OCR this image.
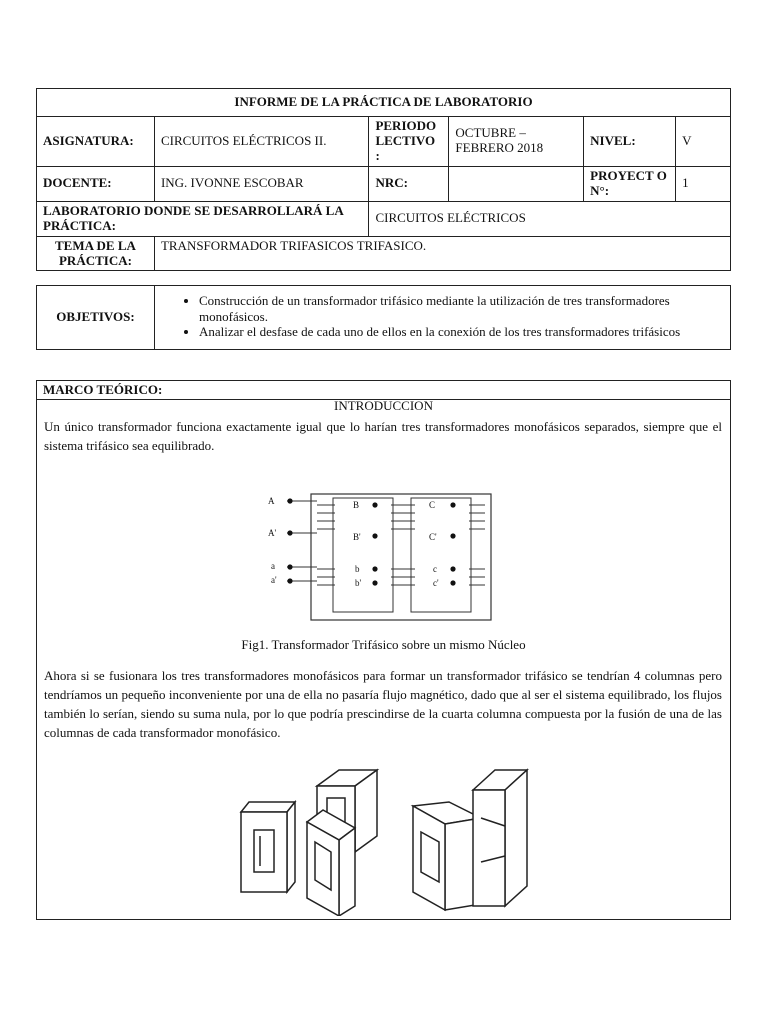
INFORME DE LA PRÁCTICA DE LABORATORIO					
ASIGNATURA:	CIRCUITOS ELÉCTRICOS II.	PERIODO LECTIVO :	OCTUBRE – FEBRERO 2018	NIVEL:	V
DOCENTE:	ING. IVONNE ESCOBAR	NRC:		PROYECT O N°:	1
LABORATORIO DONDE SE DESARROLLARÁ LA PRÁCTICA:		CIRCUITOS ELÉCTRICOS			
TEMA DE LA PRÁCTICA:	TRANSFORMADOR TRIFASICOS TRIFASICO.				
OBJETIVOS:	
• Construcción de un transformador trifásico mediante la utilización de tres transformadores monofásicos.
• Analizar el desfase de cada uno de ellos en la conexión de los tres transformadores trifásicos
MARCO TEÓRICO:
INTRODUCCION
Un único transformador funciona exactamente igual que lo harían tres transformadores monofásicos separados, siempre que el sistema trifásico sea equilibrado.
A
A'
a
a'
B
B'
b
b'
C
C'
c
c'
Fig1. Transformador Trifásico sobre un mismo Núcleo
Ahora si se fusionara los tres transformadores monofásicos para formar un transformador trifásico se tendrían 4 columnas pero tendríamos un pequeño inconveniente por una de ella no pasaría flujo magnético, dado que al ser el sistema equilibrado, los flujos también lo serían, siendo su suma nula, por lo que podría prescindirse de la cuarta columna compuesta por la fusión de una de las columnas de cada transformador monofásico.
